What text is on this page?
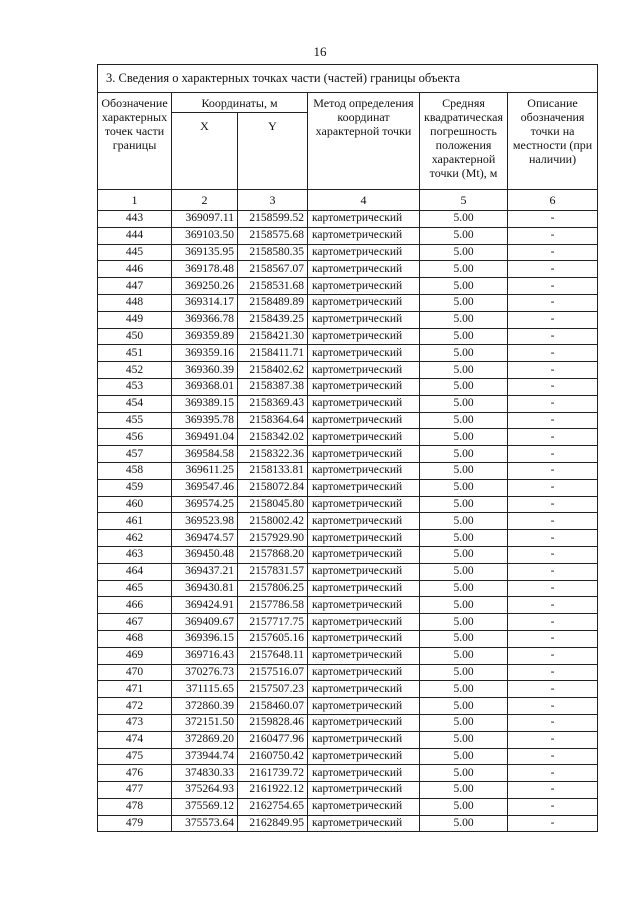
16
3. Сведения о характерных точках части (частей) границы объекта					
Обозначение характерных точек части границы	Координаты, м		Метод определения координат характерной точки	Средняя квадратическая погрешность положения характерной точки (Mt), м	Описание обозначения точки на местности (при наличии)
	X	Y			
1	2	3	4	5	6
443	369097.11	2158599.52	картометрический	5.00	-
444	369103.50	2158575.68	картометрический	5.00	-
445	369135.95	2158580.35	картометрический	5.00	-
446	369178.48	2158567.07	картометрический	5.00	-
447	369250.26	2158531.68	картометрический	5.00	-
448	369314.17	2158489.89	картометрический	5.00	-
449	369366.78	2158439.25	картометрический	5.00	-
450	369359.89	2158421.30	картометрический	5.00	-
451	369359.16	2158411.71	картометрический	5.00	-
452	369360.39	2158402.62	картометрический	5.00	-
453	369368.01	2158387.38	картометрический	5.00	-
454	369389.15	2158369.43	картометрический	5.00	-
455	369395.78	2158364.64	картометрический	5.00	-
456	369491.04	2158342.02	картометрический	5.00	-
457	369584.58	2158322.36	картометрический	5.00	-
458	369611.25	2158133.81	картометрический	5.00	-
459	369547.46	2158072.84	картометрический	5.00	-
460	369574.25	2158045.80	картометрический	5.00	-
461	369523.98	2158002.42	картометрический	5.00	-
462	369474.57	2157929.90	картометрический	5.00	-
463	369450.48	2157868.20	картометрический	5.00	-
464	369437.21	2157831.57	картометрический	5.00	-
465	369430.81	2157806.25	картометрический	5.00	-
466	369424.91	2157786.58	картометрический	5.00	-
467	369409.67	2157717.75	картометрический	5.00	-
468	369396.15	2157605.16	картометрический	5.00	-
469	369716.43	2157648.11	картометрический	5.00	-
470	370276.73	2157516.07	картометрический	5.00	-
471	371115.65	2157507.23	картометрический	5.00	-
472	372860.39	2158460.07	картометрический	5.00	-
473	372151.50	2159828.46	картометрический	5.00	-
474	372869.20	2160477.96	картометрический	5.00	-
475	373944.74	2160750.42	картометрический	5.00	-
476	374830.33	2161739.72	картометрический	5.00	-
477	375264.93	2161922.12	картометрический	5.00	-
478	375569.12	2162754.65	картометрический	5.00	-
479	375573.64	2162849.95	картометрический	5.00	-
